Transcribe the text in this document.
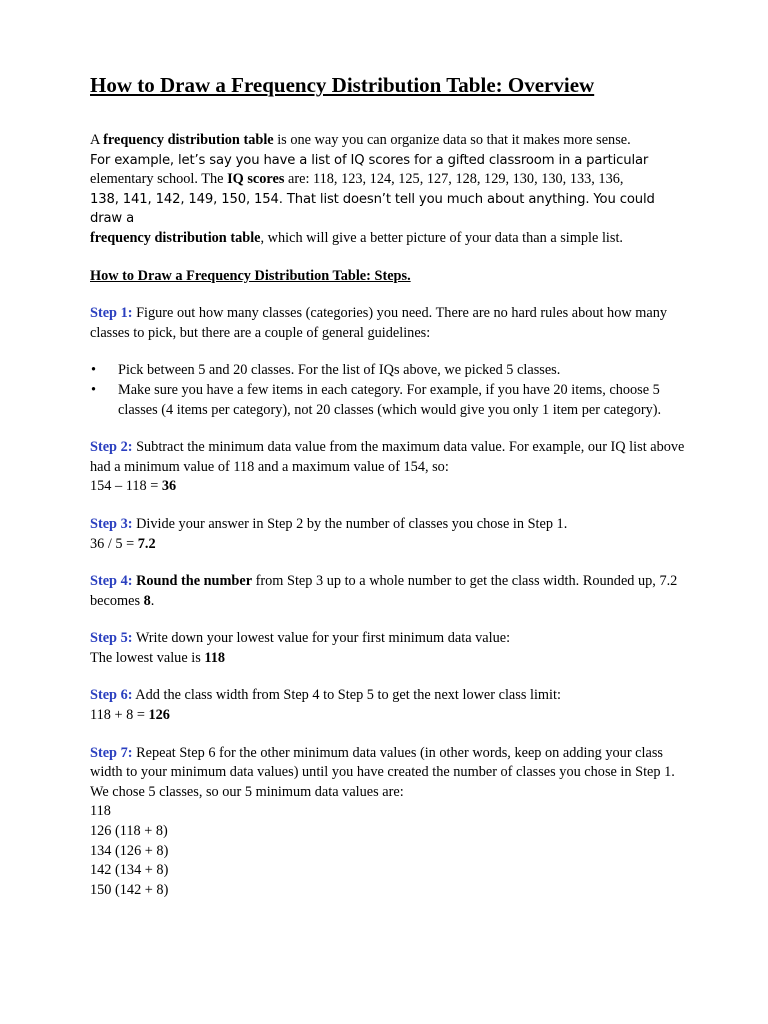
How to Draw a Frequency Distribution Table: Overview

A frequency distribution table is one way you can organize data so that it makes more sense.
For example, let’s say you have a list of IQ scores for a gifted classroom in a particular
elementary school. The IQ scores are: 118, 123, 124, 125, 127, 128, 129, 130, 130, 133, 136,
138, 141, 142, 149, 150, 154. That list doesn’t tell you much about anything. You could draw a
frequency distribution table, which will give a better picture of your data than a simple list.

How to Draw a Frequency Distribution Table: Steps.

Step 1: Figure out how many classes (categories) you need. There are no hard rules about how many classes to pick, but there are a couple of general guidelines:

• Pick between 5 and 20 classes. For the list of IQs above, we picked 5 classes.
• Make sure you have a few items in each category. For example, if you have 20 items, choose 5 classes (4 items per category), not 20 classes (which would give you only 1 item per category).

Step 2: Subtract the minimum data value from the maximum data value. For example, our IQ list above had a minimum value of 118 and a maximum value of 154, so:
154 – 118 = 36

Step 3: Divide your answer in Step 2 by the number of classes you chose in Step 1.
36 / 5 = 7.2

Step 4: Round the number from Step 3 up to a whole number to get the class width. Rounded up, 7.2 becomes 8.

Step 5: Write down your lowest value for your first minimum data value:
The lowest value is 118

Step 6: Add the class width from Step 4 to Step 5 to get the next lower class limit:
118 + 8 = 126

Step 7: Repeat Step 6 for the other minimum data values (in other words, keep on adding your class width to your minimum data values) until you have created the number of classes you chose in Step 1. We chose 5 classes, so our 5 minimum data values are:
118
126 (118 + 8)
134 (126 + 8)
142 (134 + 8)
150 (142 + 8)
